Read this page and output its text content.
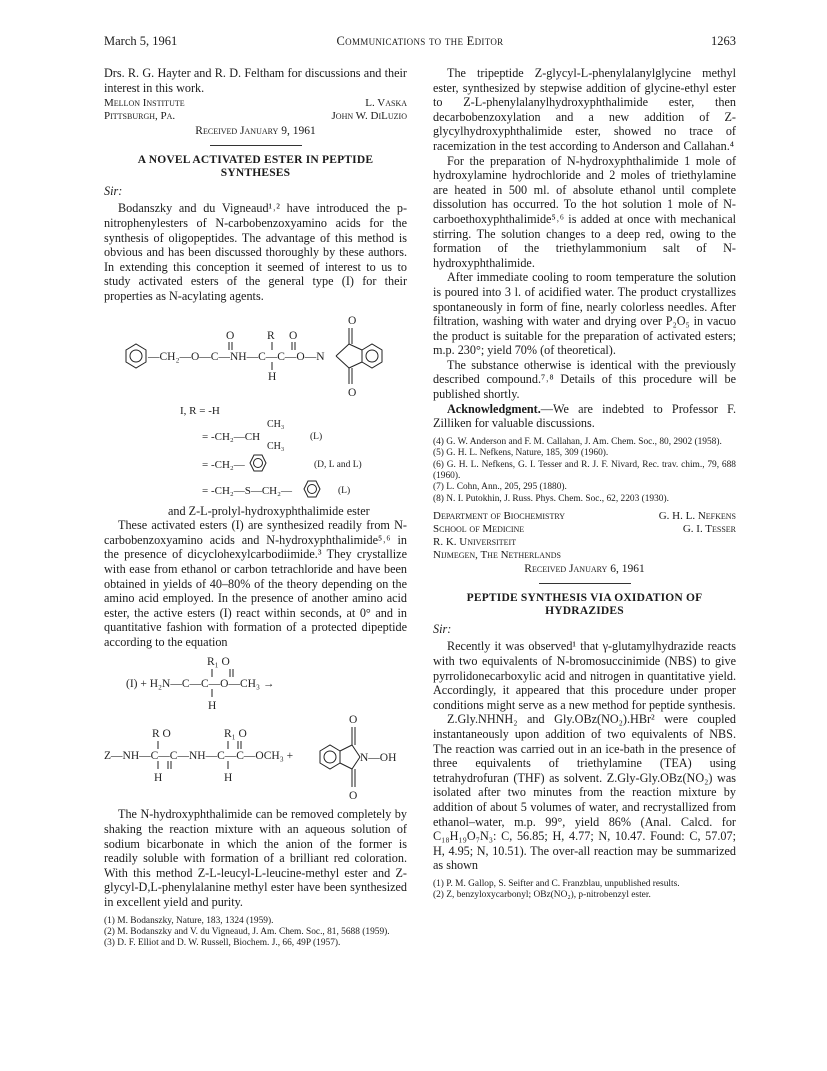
March 5, 1961	Communications to the Editor	1263

Drs. R. G. Hayter and R. D. Feltham for discussions and their interest in this work.

Mellon Institute	L. Vaska
Pittsburgh, Pa.	John W. DiLuzio
Received January 9, 1961
A NOVEL ACTIVATED ESTER IN PEPTIDE SYNTHESES
Sir:

Bodanszky and du Vigneaud¹˒² have introduced the p-nitrophenylesters of N-carbobenzoxyamino acids for the synthesis of oligopeptides. The advantage of this method is obvious and has been discussed thoroughly by these authors. In extending this conception it seemed of interest to us to study activated esters of the general type (I) for their properties as N-acylating agents.

O
O	R O
—CH₂—O—C—NH—C—C—O—N
H
O
I, R = -H
= -CH₂—CH
CH₃
CH₃
(L)
= -CH₂—	(D, L and L)
= -CH₂—S—CH₂—	(L)
and Z-L-prolyl-hydroxyphthalimide ester

These activated esters (I) are synthesized readily from N-carbobenzoxyamino acids and N-hydroxyphthalimide⁵˒⁶ in the presence of dicyclohexylcarbodiimide.³ They crystallize with ease from ethanol or carbon tetrachloride and have been obtained in yields of 40–80% of the theory depending on the amino acid employed. In the presence of another amino acid ester, the active esters (I) react within seconds, at 0° and in quantitative fashion with formation of a protected dipeptide according to the equation

R₁ O
(I) + H₂N—C—C—O—CH₃ →
H
O
R O	R₁ O
Z—NH—C—C—NH—C—C—OCH₃ +	N—OH
H	H
O

The N-hydroxyphthalimide can be removed completely by shaking the reaction mixture with an aqueous solution of sodium bicarbonate in which the anion of the former is readily soluble with formation of a brilliant red coloration. With this method Z-L-leucyl-L-leucine-methyl ester and Z-glycyl-D,L-phenylalanine methyl ester have been synthesized in excellent yield and purity.

(1) M. Bodanszky, Nature, 183, 1324 (1959).

(2) M. Bodanszky and V. du Vigneaud, J. Am. Chem. Soc., 81, 5688 (1959).

(3) D. F. Elliot and D. W. Russell, Biochem. J., 66, 49P (1957).

The tripeptide Z-glycyl-L-phenylalanylglycine methyl ester, synthesized by stepwise addition of glycine-ethyl ester to Z-L-phenylalanylhydroxyphthalimide ester, then decarbobenzoxylation and a new addition of Z-glycylhydroxyphthalimide ester, showed no trace of racemization in the test according to Anderson and Callahan.⁴

For the preparation of N-hydroxyphthalimide 1 mole of hydroxylamine hydrochloride and 2 moles of triethylamine are heated in 500 ml. of absolute ethanol until complete dissolution has occurred. To the hot solution 1 mole of N-carboethoxyphthalimide⁵˒⁶ is added at once with mechanical stirring. The solution changes to a deep red, owing to the formation of the triethylammonium salt of N-hydroxyphthalimide.

After immediate cooling to room temperature the solution is poured into 3 l. of acidified water. The product crystallizes spontaneously in form of fine, nearly colorless needles. After filtration, washing with water and drying over P₂O₅ in vacuo the product is suitable for the preparation of activated esters; m.p. 230°; yield 70% (of theoretical).

The substance otherwise is identical with the previously described compound.⁷˒⁸ Details of this procedure will be published shortly.

Acknowledgment.—We are indebted to Professor F. Zilliken for valuable discussions.

(4) G. W. Anderson and F. M. Callahan, J. Am. Chem. Soc., 80, 2902 (1958).

(5) G. H. L. Nefkens, Nature, 185, 309 (1960).

(6) G. H. L. Nefkens, G. I. Tesser and R. J. F. Nivard, Rec. trav. chim., 79, 688 (1960).

(7) L. Cohn, Ann., 205, 295 (1880).

(8) N. I. Putokhin, J. Russ. Phys. Chem. Soc., 62, 2203 (1930).

Department of Biochemistry	G. H. L. Nefkens
School of Medicine	G. I. Tesser
R. K. Universiteit
Nijmegen, The Netherlands
Received January 6, 1961
PEPTIDE SYNTHESIS VIA OXIDATION OF HYDRAZIDES
Sir:

Recently it was observed¹ that γ-glutamylhydrazide reacts with two equivalents of N-bromosuccinimide (NBS) to give pyrrolidonecarboxylic acid and nitrogen in quantitative yield. Accordingly, it appeared that this procedure under proper conditions might serve as a new method for peptide synthesis.

Z.Gly.NHNH₂ and Gly.OBz(NO₂).HBr² were coupled instantaneously upon addition of two equivalents of NBS. The reaction was carried out in an ice-bath in the presence of three equivalents of triethylamine (TEA) using tetrahydrofuran (THF) as solvent. Z.Gly-Gly.OBz(NO₂) was isolated after two minutes from the reaction mixture by addition of about 5 volumes of water, and recrystallized from ethanol–water, m.p. 99°, yield 86% (Anal. Calcd. for C₁₈H₁₉O₇N₃: C, 56.85; H, 4.77; N, 10.47. Found: C, 57.07; H, 4.95; N, 10.51). The over-all reaction may be summarized as shown

(1) P. M. Gallop, S. Seifter and C. Franzblau, unpublished results.

(2) Z, benzyloxycarbonyl; OBz(NO₂), p-nitrobenzyl ester.
